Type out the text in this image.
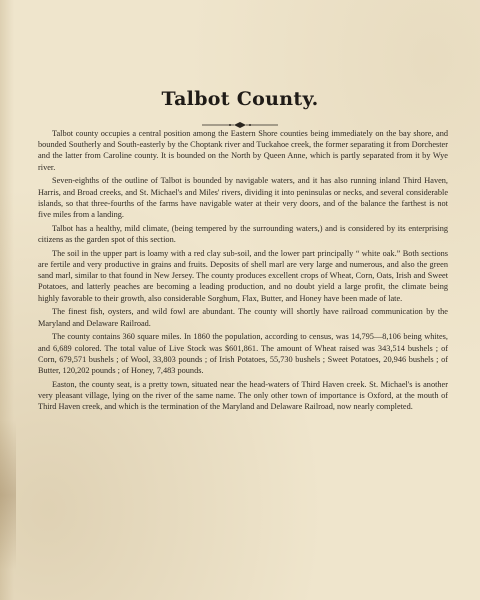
Talbot County.

Talbot county occupies a central position among the Eastern Shore counties being immediately on the bay shore, and bounded Southerly and South-easterly by the Choptank river and Tuckahoe creek, the former separating it from Dorchester and the latter from Caroline county. It is bounded on the North by Queen Anne, which is partly separated from it by Wye river.

Seven-eighths of the outline of Talbot is bounded by navigable waters, and it has also running inland Third Haven, Harris, and Broad creeks, and St. Michael's and Miles' rivers, dividing it into peninsulas or necks, and several considerable islands, so that three-fourths of the farms have navigable water at their very doors, and of the balance the farthest is not five miles from a landing.

Talbot has a healthy, mild climate, (being tempered by the surrounding waters,) and is considered by its enterprising citizens as the garden spot of this section.

The soil in the upper part is loamy with a red clay sub-soil, and the lower part principally “ white oak.” Both sections are fertile and very productive in grains and fruits. Deposits of shell marl are very large and numerous, and also the green sand marl, similar to that found in New Jersey. The county produces excellent crops of Wheat, Corn, Oats, Irish and Sweet Potatoes, and latterly peaches are becoming a leading production, and no doubt yield a large profit, the climate being highly favorable to their growth, also considerable Sorghum, Flax, Butter, and Honey have been made of late.

The finest fish, oysters, and wild fowl are abundant. The county will shortly have railroad communication by the Maryland and Delaware Railroad.

The county contains 360 square miles. In 1860 the population, according to census, was 14,795—8,106 being whites, and 6,689 colored. The total value of Live Stock was $601,861. The amount of Wheat raised was 343,514 bushels ; of Corn, 679,571 bushels ; of Wool, 33,803 pounds ; of Irish Potatoes, 55,730 bushels ; Sweet Potatoes, 20,946 bushels ; of Butter, 120,202 pounds ; of Honey, 7,483 pounds.

Easton, the county seat, is a pretty town, situated near the head-waters of Third Haven creek. St. Michael's is another very pleasant village, lying on the river of the same name. The only other town of importance is Oxford, at the mouth of Third Haven creek, and which is the termination of the Maryland and Delaware Railroad, now nearly completed.
